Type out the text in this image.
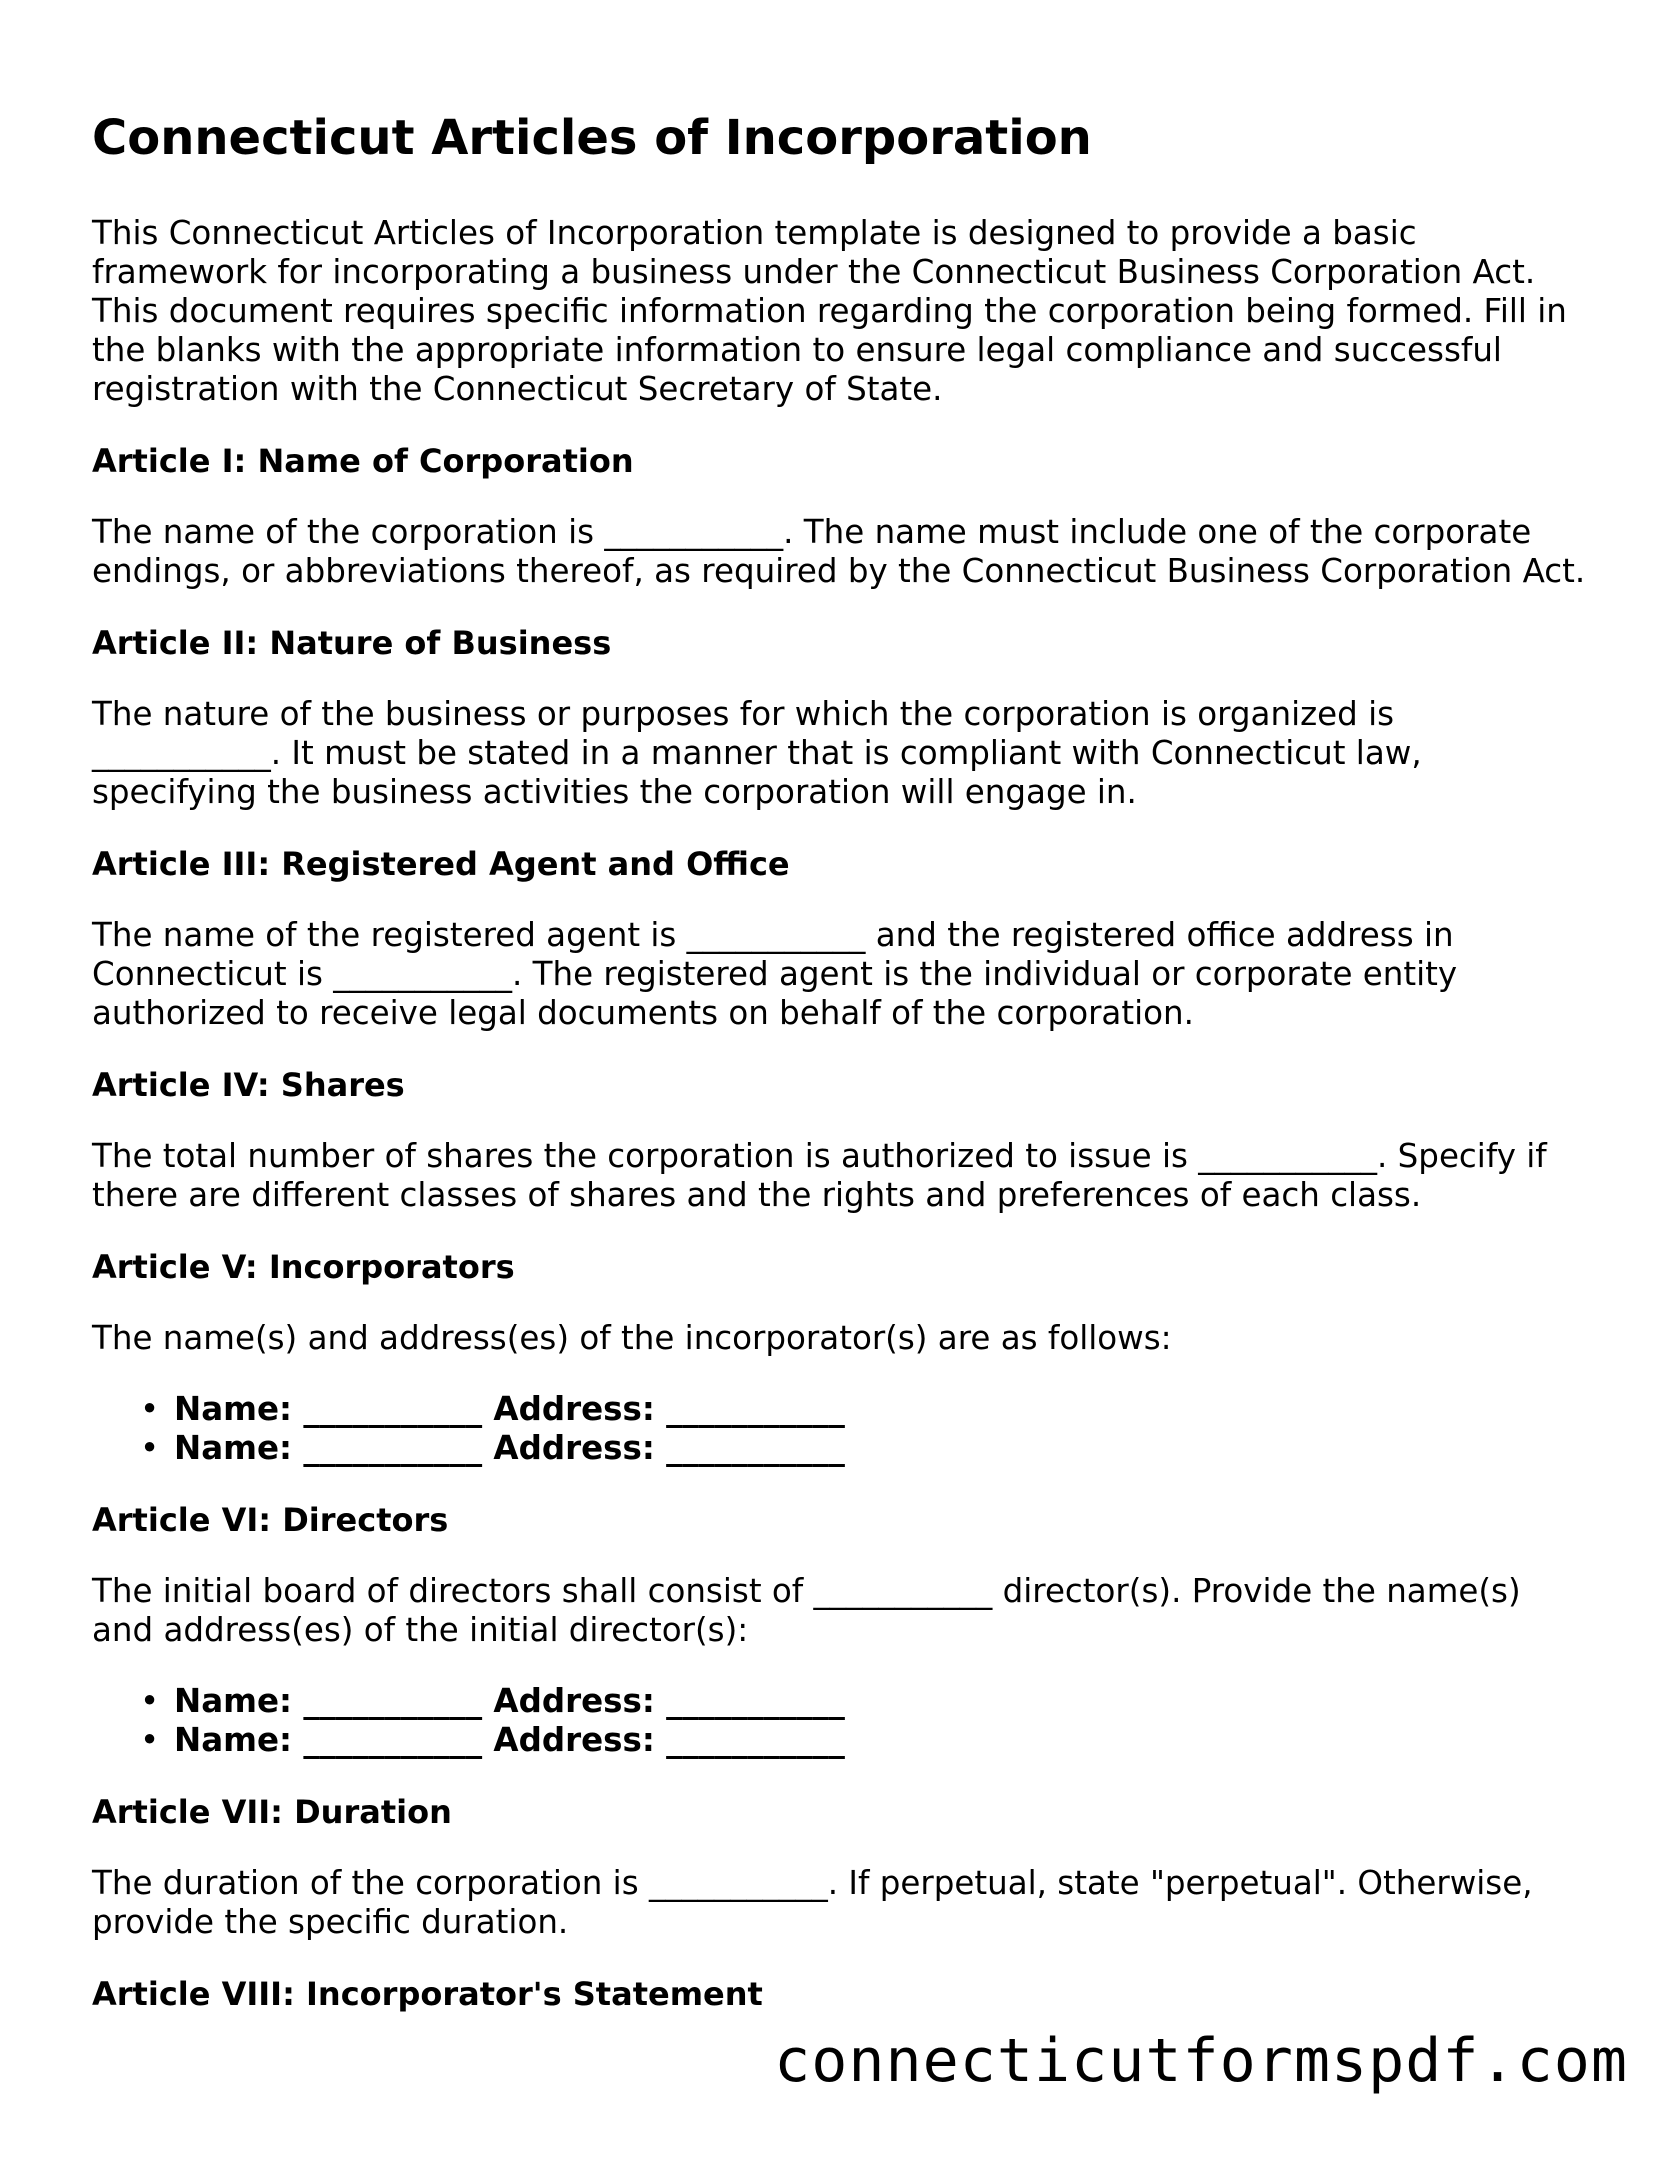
Connecticut Articles of Incorporation

This Connecticut Articles of Incorporation template is designed to provide a basic framework for incorporating a business under the Connecticut Business Corporation Act. This document requires specific information regarding the corporation being formed. Fill in the blanks with the appropriate information to ensure legal compliance and successful registration with the Connecticut Secretary of State.

Article I: Name of Corporation

The name of the corporation is ___________. The name must include one of the corporate endings, or abbreviations thereof, as required by the Connecticut Business Corporation Act.

Article II: Nature of Business

The nature of the business or purposes for which the corporation is organized is ___________. It must be stated in a manner that is compliant with Connecticut law, specifying the business activities the corporation will engage in.

Article III: Registered Agent and Office

The name of the registered agent is ___________ and the registered office address in Connecticut is ___________. The registered agent is the individual or corporate entity authorized to receive legal documents on behalf of the corporation.

Article IV: Shares

The total number of shares the corporation is authorized to issue is ___________. Specify if there are different classes of shares and the rights and preferences of each class.

Article V: Incorporators

The name(s) and address(es) of the incorporator(s) are as follows:

• Name: ___________ Address: ___________
• Name: ___________ Address: ___________
Article VI: Directors

The initial board of directors shall consist of ___________ director(s). Provide the name(s) and address(es) of the initial director(s):

• Name: ___________ Address: ___________
• Name: ___________ Address: ___________
Article VII: Duration

The duration of the corporation is ___________. If perpetual, state "perpetual". Otherwise, provide the specific duration.

Article VIII: Incorporator's Statement
connecticutformspdf.com
